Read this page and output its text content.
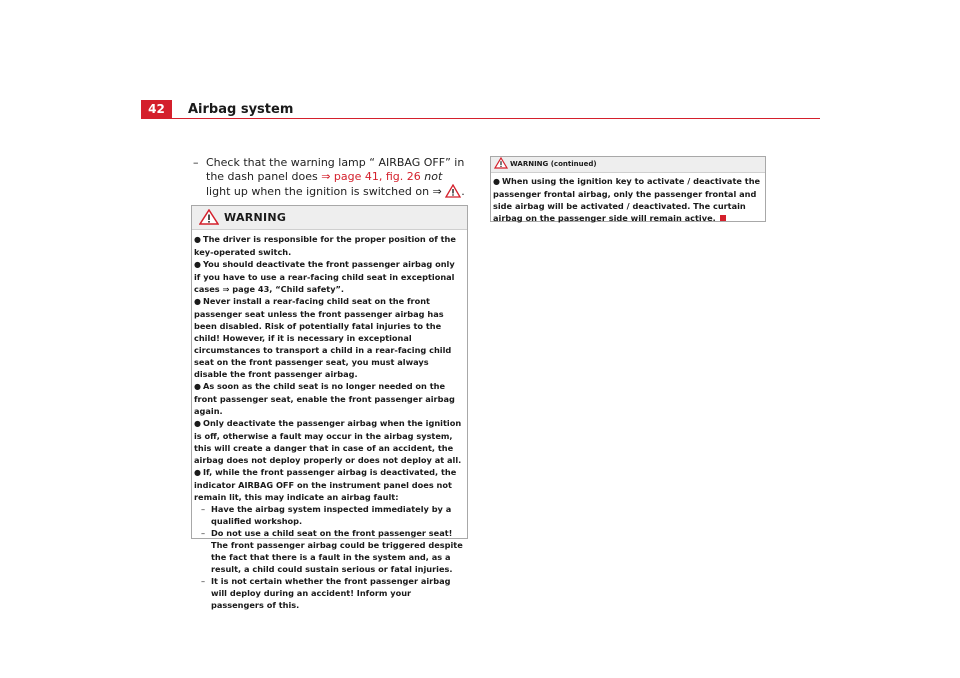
42	Airbag system
– Check that the warning lamp “ AIRBAG OFF” in the dash panel does ⇒ page 41, fig. 26 not light up when the ignition is switched on ⇒ .
WARNING
● The driver is responsible for the proper position of the key-operated switch.
● You should deactivate the front passenger airbag only if you have to use a rear-facing child seat in exceptional cases ⇒ page 43, “Child safety”.
● Never install a rear-facing child seat on the front passenger seat unless the front passenger airbag has been disabled. Risk of potentially fatal injuries to the child! However, if it is necessary in exceptional circumstances to transport a child in a rear-facing child seat on the front passenger seat, you must always disable the front passenger airbag.
● As soon as the child seat is no longer needed on the front passenger seat, enable the front passenger airbag again.
● Only deactivate the passenger airbag when the ignition is off, otherwise a fault may occur in the airbag system, this will create a danger that in case of an accident, the airbag does not deploy properly or does not deploy at all.
● If, while the front passenger airbag is deactivated, the indicator AIRBAG OFF on the instrument panel does not remain lit, this may indicate an airbag fault:
– Have the airbag system inspected immediately by a qualified workshop.
– Do not use a child seat on the front passenger seat! The front passenger airbag could be triggered despite the fact that there is a fault in the system and, as a result, a child could sustain serious or fatal injuries.
– It is not certain whether the front passenger airbag will deploy during an accident! Inform your passengers of this.
WARNING (continued)
● When using the ignition key to activate / deactivate the passenger frontal airbag, only the passenger frontal and side airbag will be activated / deactivated. The curtain airbag on the passenger side will remain active.
